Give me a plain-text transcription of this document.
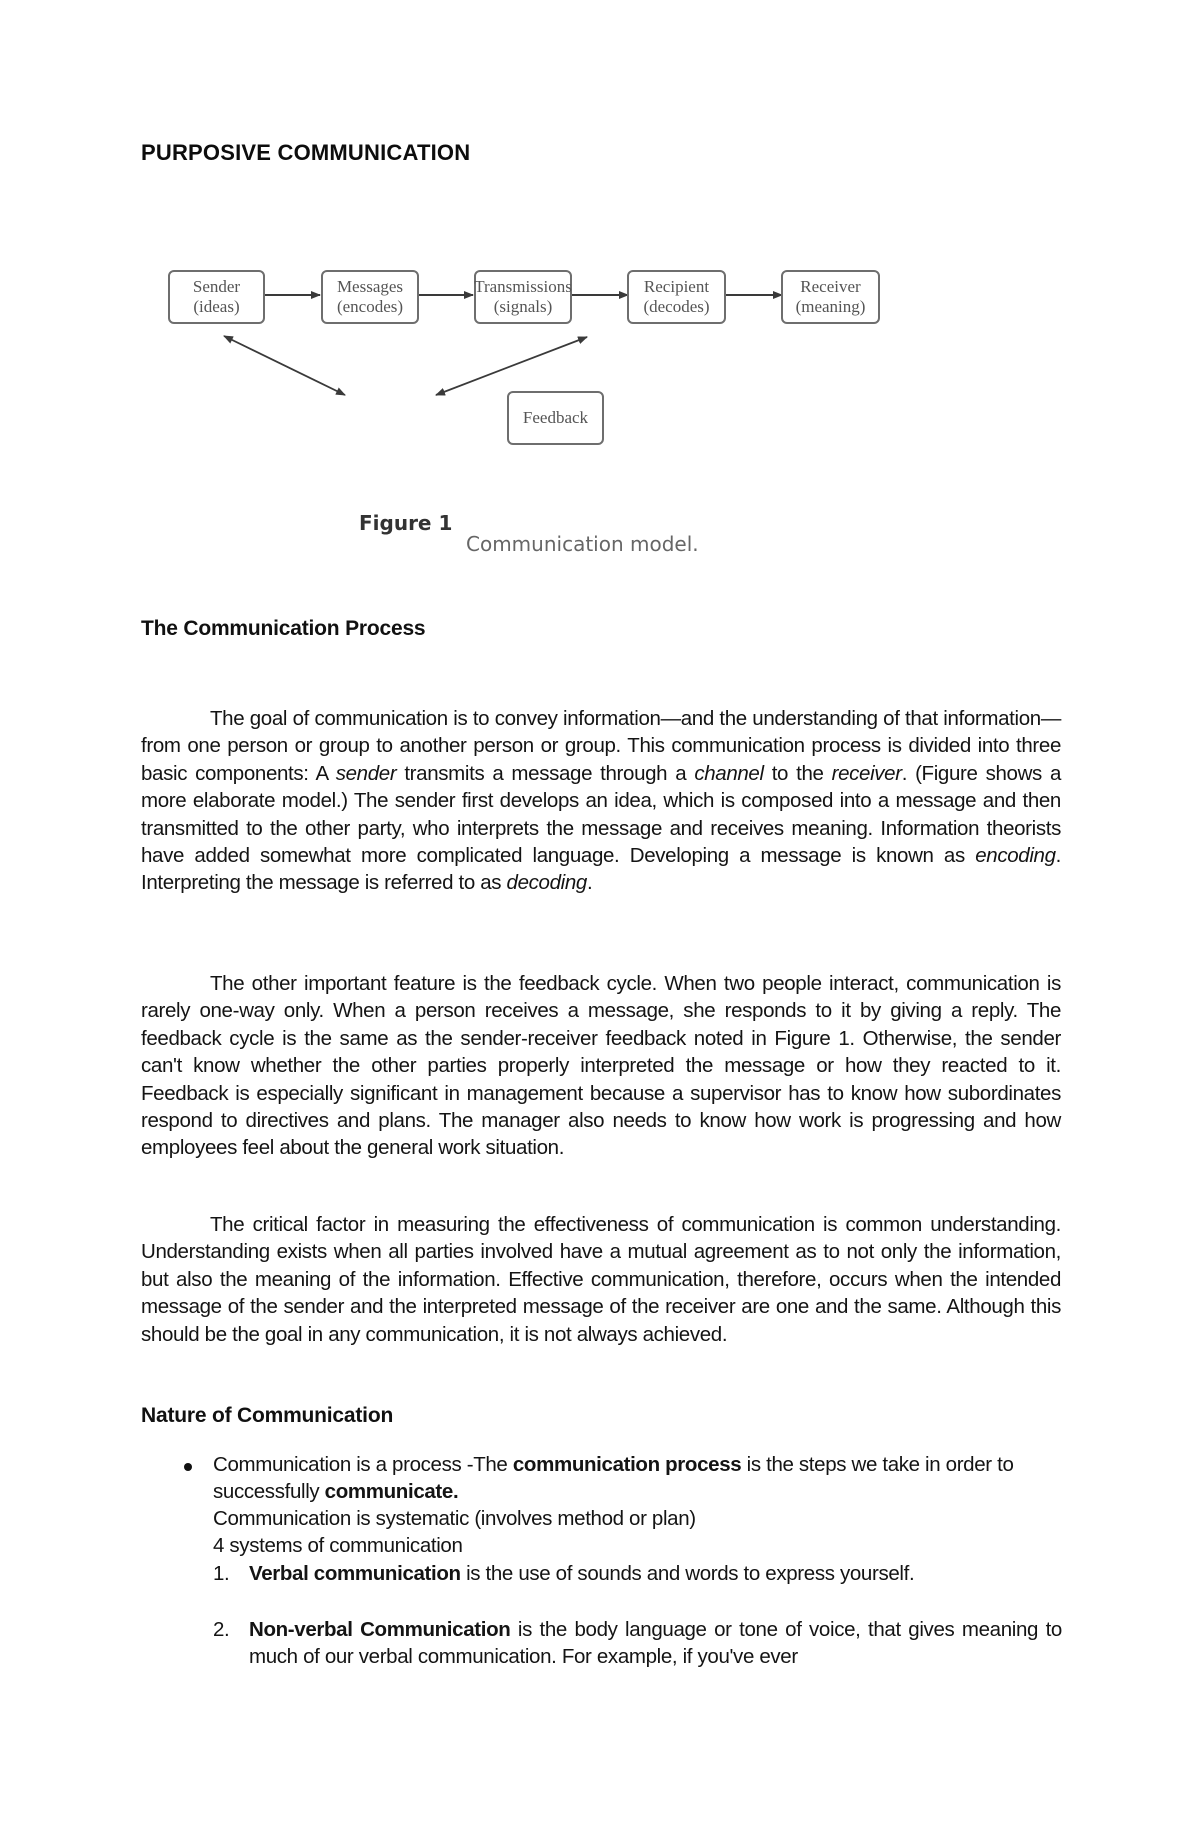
PURPOSIVE COMMUNICATION
Sender
(ideas)
Messages
(encodes)
Transmissions
(signals)
Recipient
(decodes)
Receiver
(meaning)
Feedback
Figure 1
Communication model.
The Communication Process
The goal of communication is to convey information—and the understanding of that information—from one person or group to another person or group. This communication process is divided into three basic components: A sender transmits a message through a channel to the receiver. (Figure shows a more elaborate model.) The sender first develops an idea, which is composed into a message and then transmitted to the other party, who interprets the message and receives meaning. Information theorists have added somewhat more complicated language. Developing a message is known as encoding. Interpreting the message is referred to as decoding.
The other important feature is the feedback cycle. When two people interact, communication is rarely one-way only. When a person receives a message, she responds to it by giving a reply. The feedback cycle is the same as the sender-receiver feedback noted in Figure 1. Otherwise, the sender can't know whether the other parties properly interpreted the message or how they reacted to it. Feedback is especially significant in management because a supervisor has to know how subordinates respond to directives and plans. The manager also needs to know how work is progressing and how employees feel about the general work situation.
The critical factor in measuring the effectiveness of communication is common understanding. Understanding exists when all parties involved have a mutual agreement as to not only the information, but also the meaning of the information. Effective communication, therefore, occurs when the intended message of the sender and the interpreted message of the receiver are one and the same. Although this should be the goal in any communication, it is not always achieved.
Nature of Communication
Communication is a process -The communication process is the steps we take in order to successfully communicate.
Communication is systematic (involves method or plan)
4 systems of communication
1. Verbal communication is the use of sounds and words to express yourself.
2. Non-verbal Communication is the body language or tone of voice, that gives meaning to much of our verbal communication. For example, if you've ever
